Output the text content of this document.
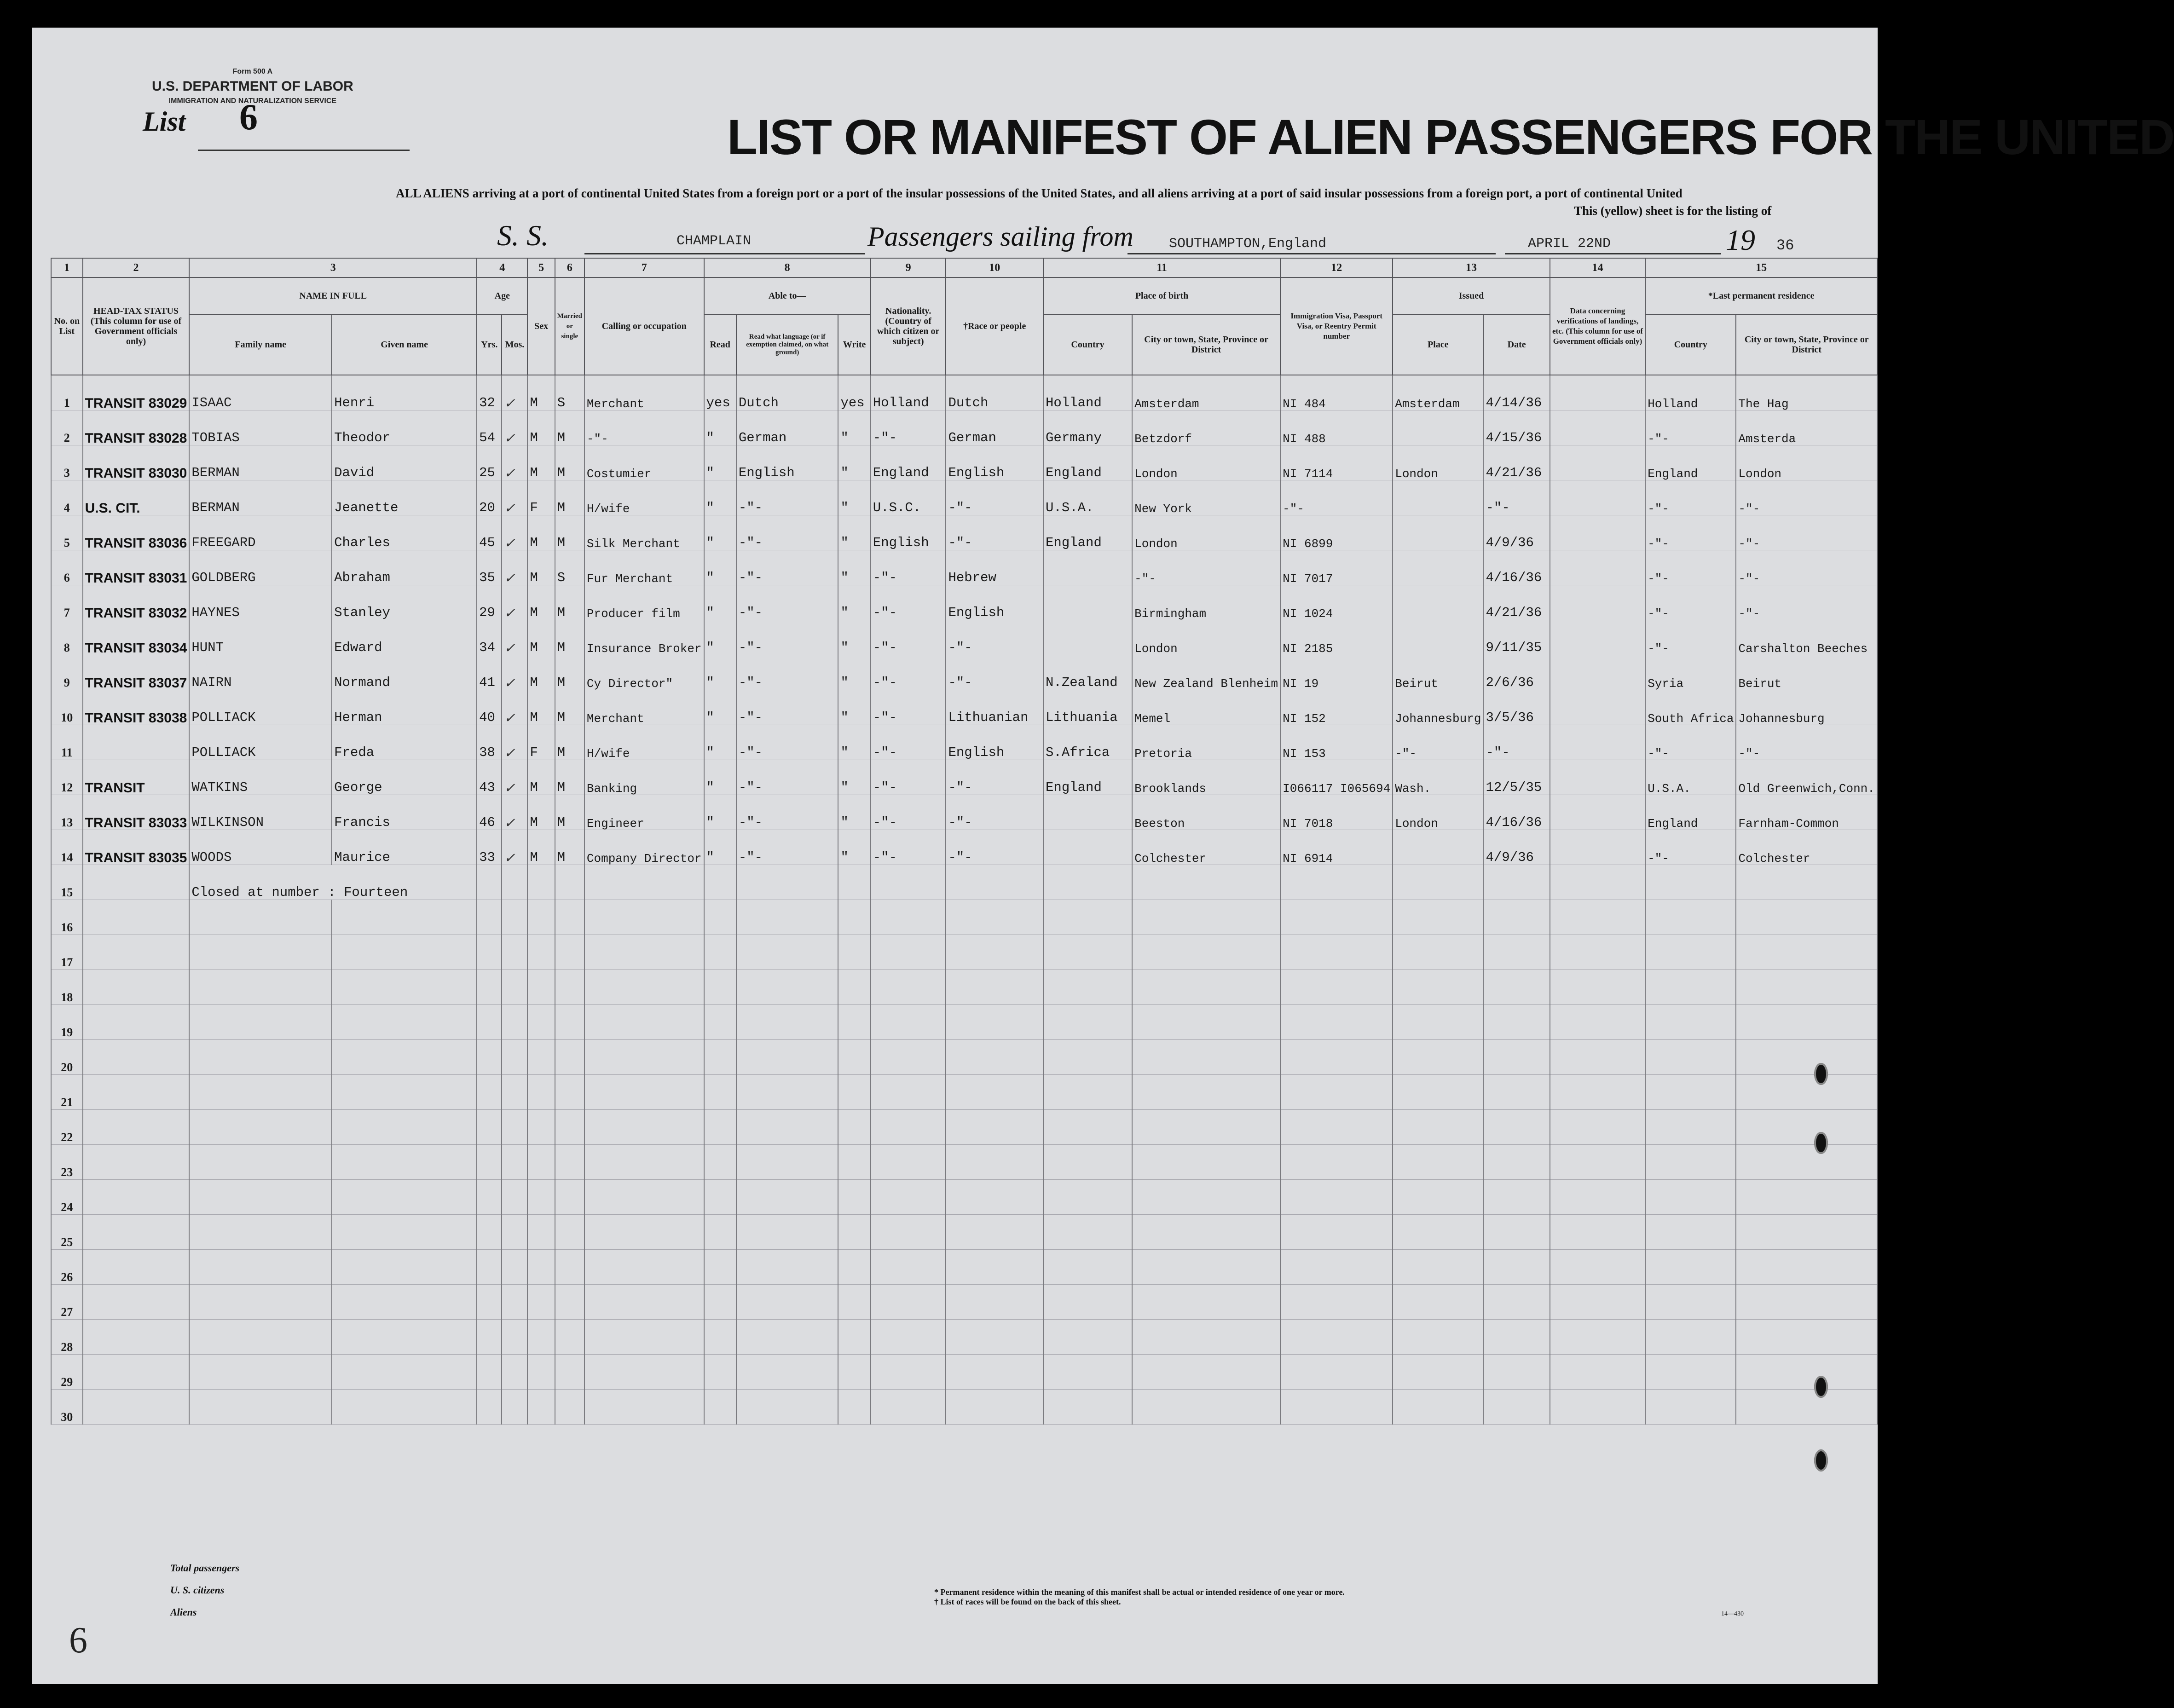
Form 500 A
U.S. DEPARTMENT OF LABOR
IMMIGRATION AND NATURALIZATION SERVICE
List 6	LIST OR MANIFEST OF ALIEN PASSENGERS FOR THE UNITED
ALL ALIENS arriving at a port of continental United States from a foreign port or a port of the insular possessions of the United States, and all aliens arriving at a port of said insular possessions from a foreign port, a port of continental United
This (yellow) sheet is for the listing of
S. S.	CHAMPLAIN	Passengers sailing from	SOUTHAMPTON,England	APRIL 22ND	19 36
1	2	3		4		5	6	7	8			9	10	11		12	13		14	15	
No. on List	HEAD-TAX STATUS (This column for use of Government officials only)	NAME IN FULL		Age		Sex	Married or single	Calling or occupation	Able to—			Nationality. (Country of which citizen or subject)	†Race or people	Place of birth		Immigration Visa, Passport Visa, or Reentry Permit number	Issued		Data concerning verifications of landings, etc. (This column for use of Government officials only)	*Last permanent residence	
		Family name	Given name	Yrs.	Mos.				Read	Read what language (or if exemption claimed, on what ground)	Write			Country	City or town, State, Province or District		Place	Date		Country	City or town, State, Province or District
1	TRANSIT 83029	ISAAC	Henri	32	✓	M	S	Merchant	yes	Dutch	yes	Holland	Dutch	Holland	Amsterdam	NI 484	Amsterdam	4/14/36		Holland	The Hag
2	TRANSIT 83028	TOBIAS	Theodor	54	✓	M	M	-"-	"	German	"	-"-	German	Germany	Betzdorf	NI 488		4/15/36		-"-	Amsterda
3	TRANSIT 83030	BERMAN	David	25	✓	M	M	Costumier	"	English	"	England	English	England	London	NI 7114	London	4/21/36		England	London
4	U.S. CIT.	BERMAN	Jeanette	20	✓	F	M	H/wife	"	-"-	"	U.S.C.	-"-	U.S.A.	New York	-"-		-"-		-"-	-"-
5	TRANSIT 83036	FREEGARD	Charles	45	✓	M	M	Silk Merchant	"	-"-	"	English	-"-	England	London	NI 6899		4/9/36		-"-	-"-
6	TRANSIT 83031	GOLDBERG	Abraham	35	✓	M	S	Fur Merchant	"	-"-	"	-"-	Hebrew		-"-	NI 7017		4/16/36		-"-	-"-
7	TRANSIT 83032	HAYNES	Stanley	29	✓	M	M	Producer film	"	-"-	"	-"-	English		Birmingham	NI 1024		4/21/36		-"-	-"-
8	TRANSIT 83034	HUNT	Edward	34	✓	M	M	Insurance Broker	"	-"-	"	-"-	-"-		London	NI 2185		9/11/35		-"-	Carshalton Beeches
9	TRANSIT 83037	NAIRN	Normand	41	✓	M	M	Cy Director"	"	-"-	"	-"-	-"-	N.Zealand	New Zealand Blenheim	NI 19	Beirut	2/6/36		Syria	Beirut
10	TRANSIT 83038	POLLIACK	Herman	40	✓	M	M	Merchant	"	-"-	"	-"-	Lithuanian	Lithuania	Memel	NI 152	Johannesburg	3/5/36		South Africa	Johannesburg
11		POLLIACK	Freda	38	✓	F	M	H/wife	"	-"-	"	-"-	English	S.Africa	Pretoria	NI 153	-"-	-"-		-"-	-"-
12	TRANSIT	WATKINS	George	43	✓	M	M	Banking	"	-"-	"	-"-	-"-	England	Brooklands	I066117 I065694	Wash.	12/5/35		U.S.A.	Old Greenwich,Conn.
13	TRANSIT 83033	WILKINSON	Francis	46	✓	M	M	Engineer	"	-"-	"	-"-	-"-		Beeston	NI 7018	London	4/16/36		England	Farnham-Common
14	TRANSIT 83035	WOODS	Maurice	33	✓	M	M	Company Director	"	-"-	"	-"-	-"-		Colchester	NI 6914		4/9/36		-"-	Colchester
15		Closed at number : Fourteen																			
16																					
17																					
18																					
19																					
20																					
21																					
22																					
23																					
24																					
25																					
26																					
27																					
28																					
29																					
30																					
Total passengers
U. S. citizens
Aliens
* Permanent residence within the meaning of this manifest shall be actual or intended residence of one year or more.
† List of races will be found on the back of this sheet.
14—430
6
